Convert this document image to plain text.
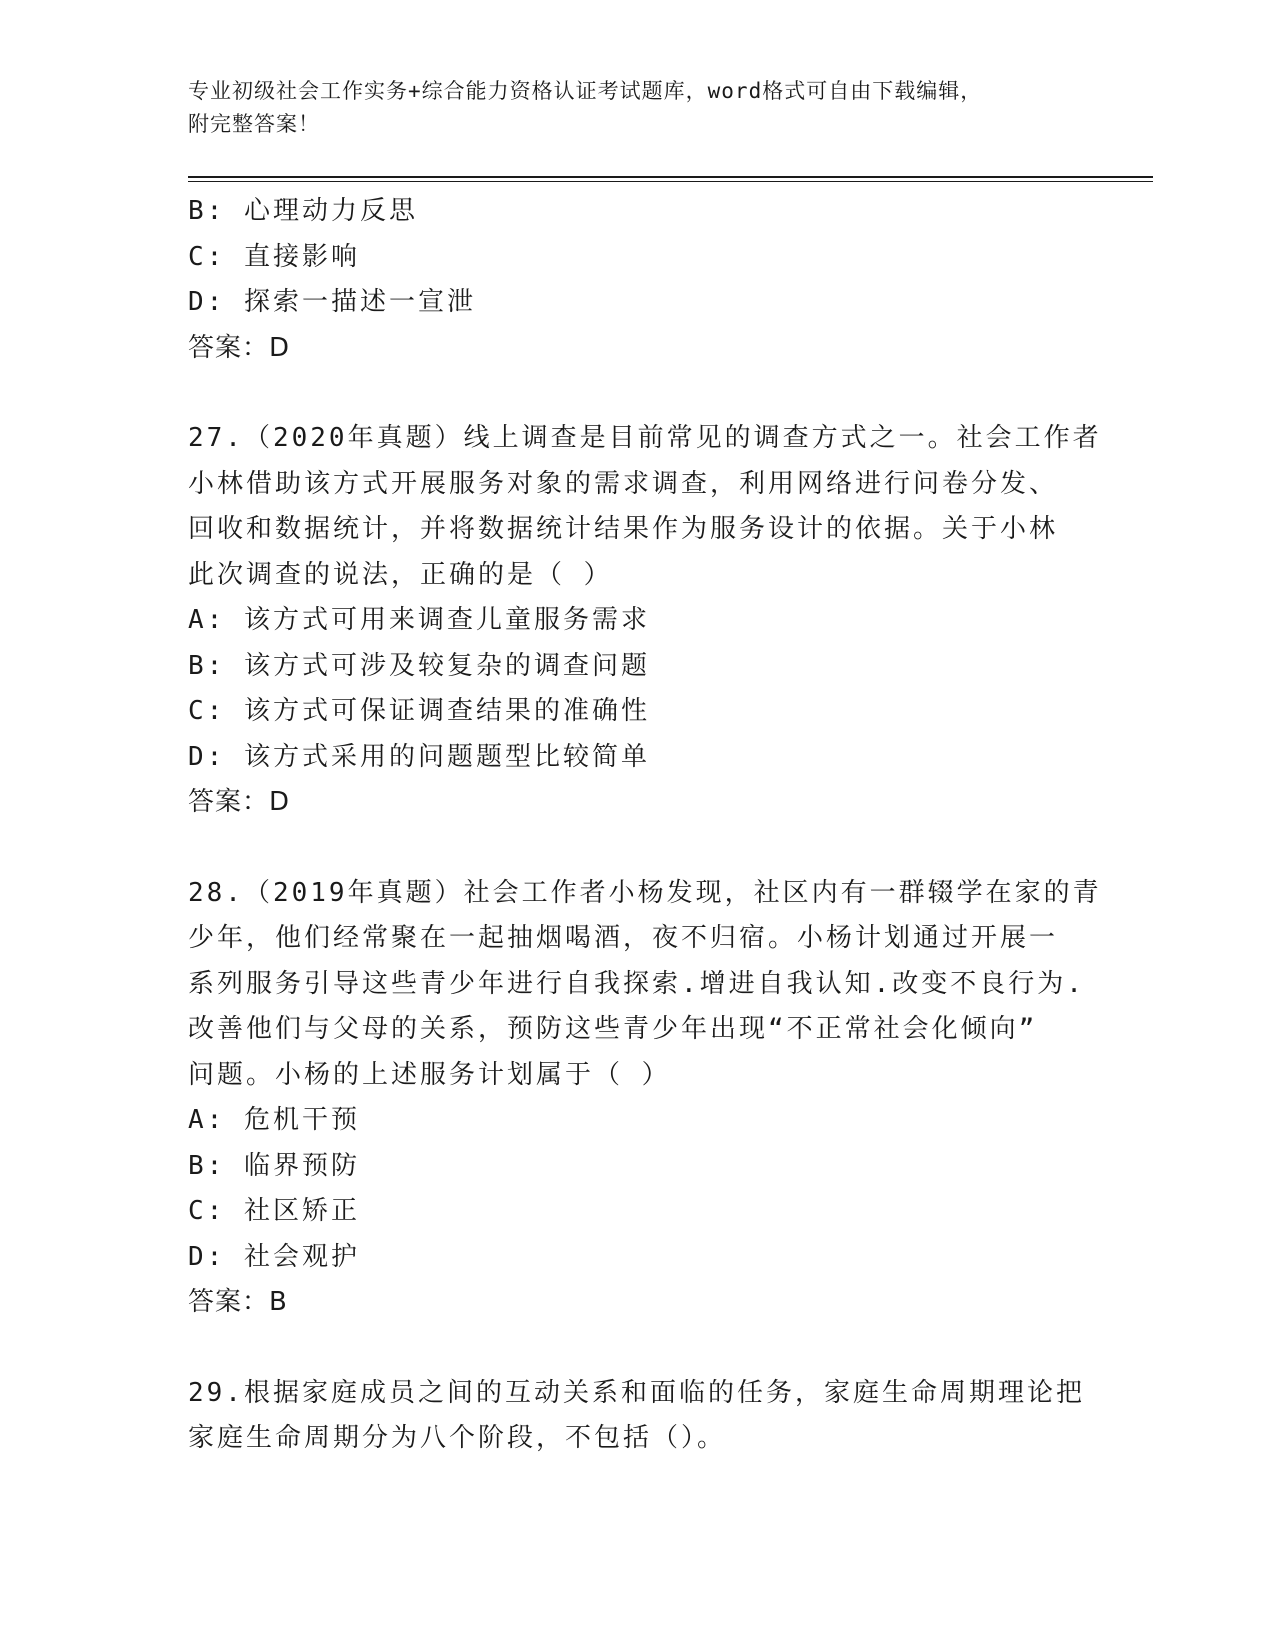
专业初级社会工作实务+综合能力资格认证考试题库，word格式可自由下载编辑，
附完整答案！
B: 心理动力反思
C: 直接影响
D: 探索一描述一宣泄
答案：D
27.（2020年真题）线上调查是目前常见的调查方式之一。社会工作者
小林借助该方式开展服务对象的需求调查，利用网络进行问卷分发、
回收和数据统计，并将数据统计结果作为服务设计的依据。关于小林
此次调查的说法，正确的是（ ）
A: 该方式可用来调查儿童服务需求
B: 该方式可涉及较复杂的调查问题
C: 该方式可保证调查结果的准确性
D: 该方式采用的问题题型比较简单
答案：D
28.（2019年真题）社会工作者小杨发现，社区内有一群辍学在家的青
少年，他们经常聚在一起抽烟喝酒，夜不归宿。小杨计划通过开展一
系列服务引导这些青少年进行自我探索.增进自我认知.改变不良行为.
改善他们与父母的关系，预防这些青少年出现“不正常社会化倾向”
问题。小杨的上述服务计划属于（ ）
A: 危机干预
B: 临界预防
C: 社区矫正
D: 社会观护
答案：B
29.根据家庭成员之间的互动关系和面临的任务，家庭生命周期理论把
家庭生命周期分为八个阶段，不包括（）。
